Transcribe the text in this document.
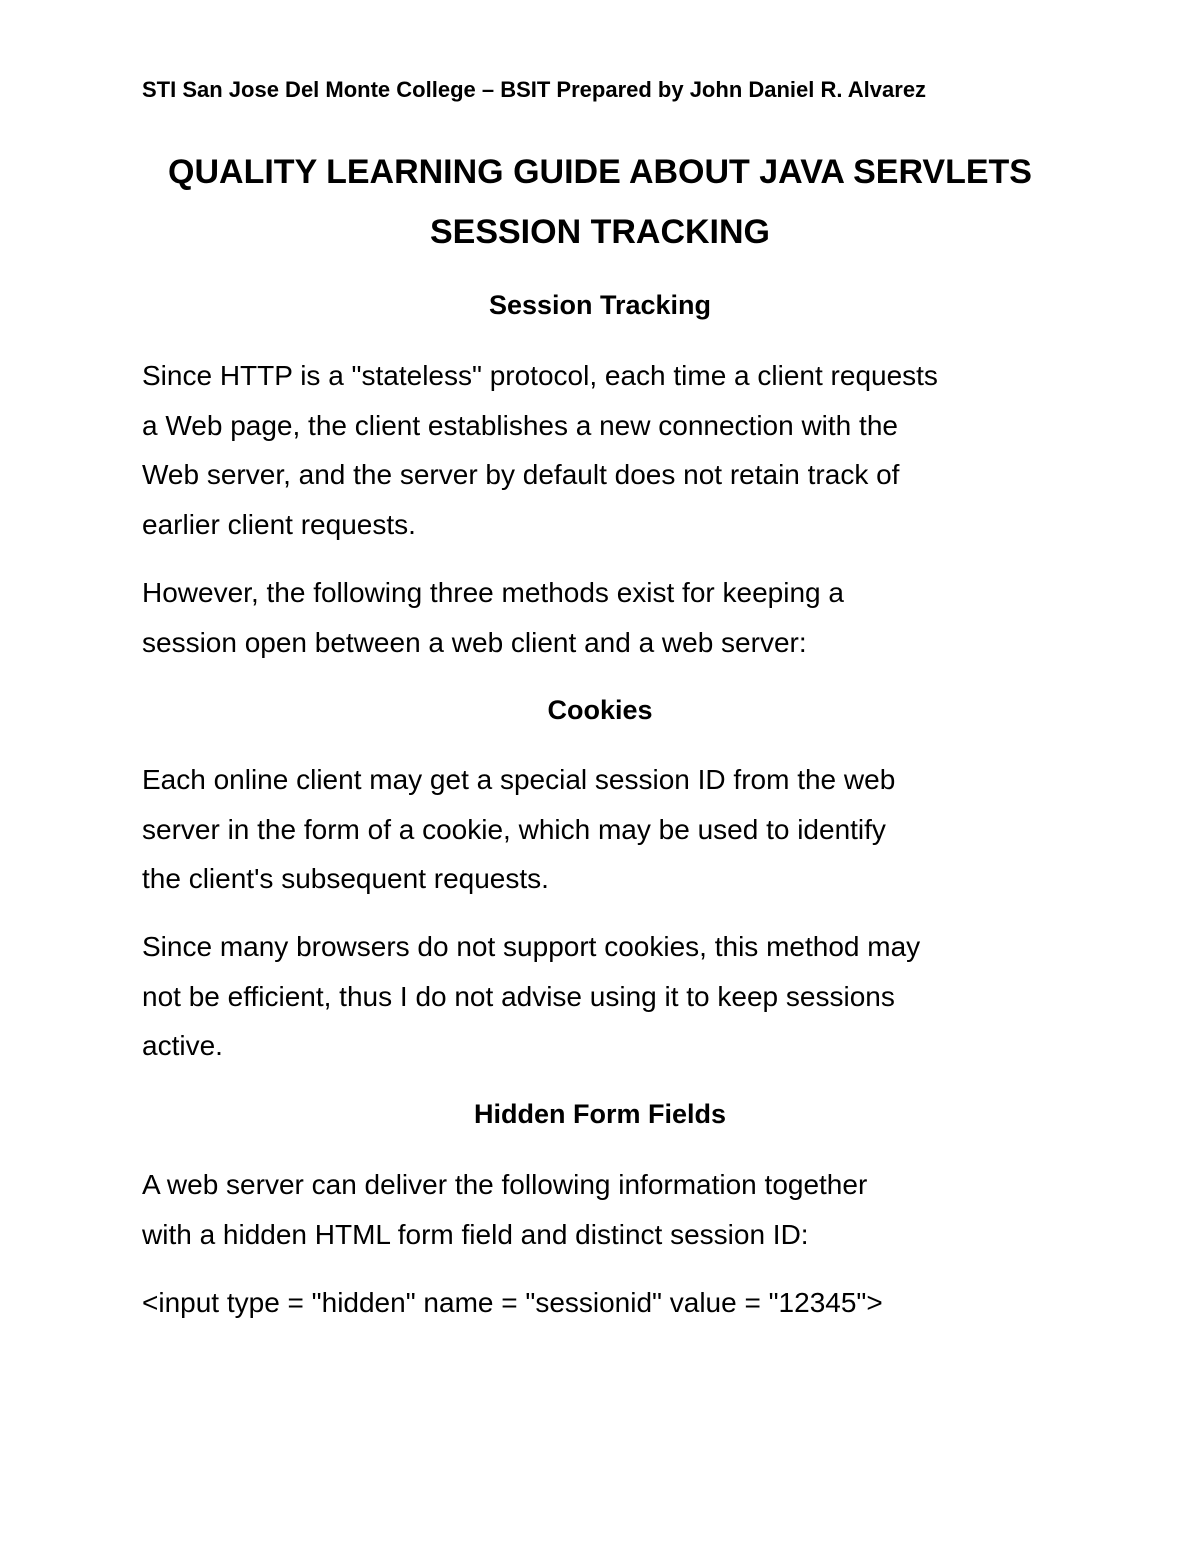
STI San Jose Del Monte College – BSIT Prepared by John Daniel R. Alvarez
QUALITY LEARNING GUIDE ABOUT JAVA SERVLETS
SESSION TRACKING
Session Tracking
Since HTTP is a "stateless" protocol, each time a client requests
a Web page, the client establishes a new connection with the
Web server, and the server by default does not retain track of
earlier client requests.
However, the following three methods exist for keeping a
session open between a web client and a web server:
Cookies
Each online client may get a special session ID from the web
server in the form of a cookie, which may be used to identify
the client's subsequent requests.
Since many browsers do not support cookies, this method may
not be efficient, thus I do not advise using it to keep sessions
active.
Hidden Form Fields
A web server can deliver the following information together
with a hidden HTML form field and distinct session ID:
<input type = "hidden" name = "sessionid" value = "12345">
